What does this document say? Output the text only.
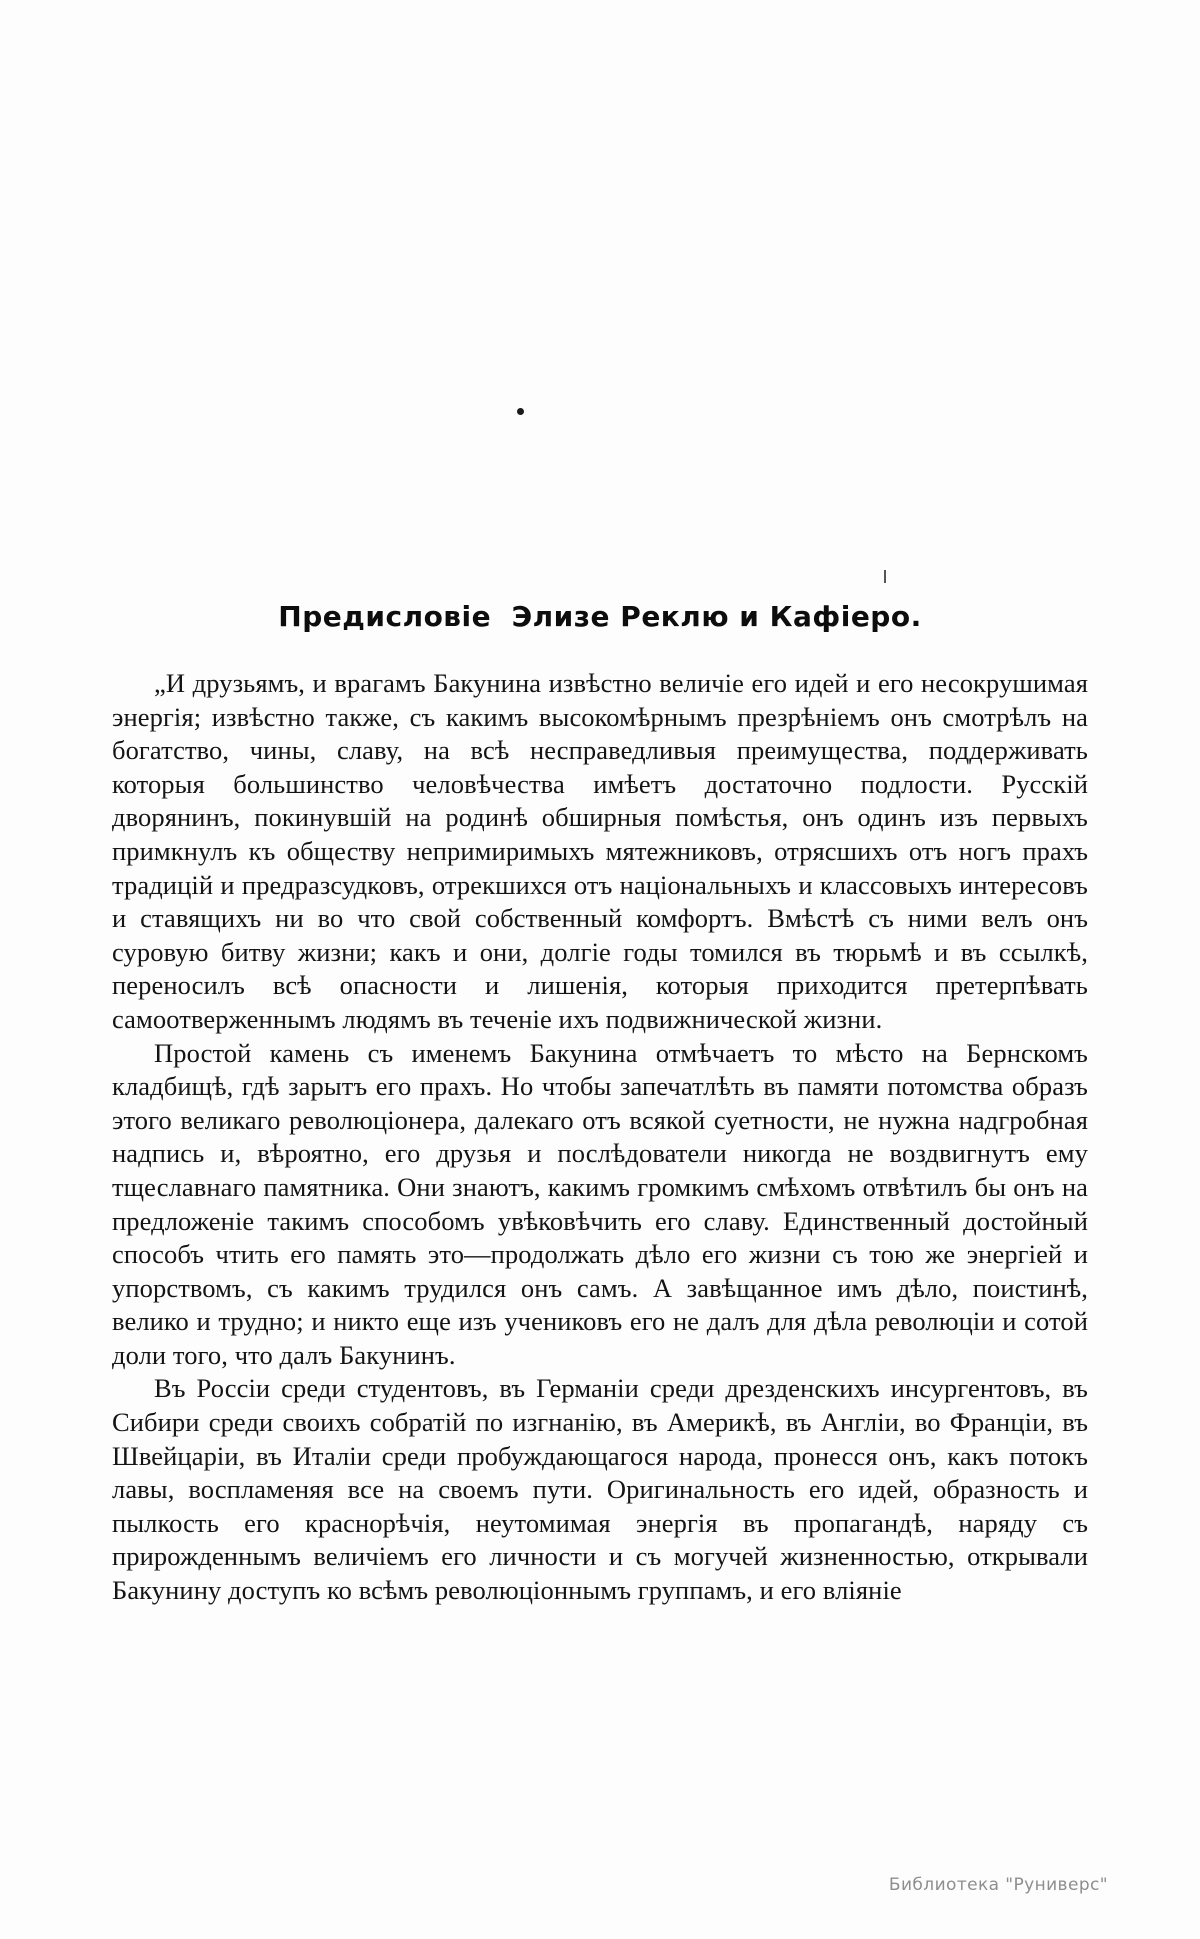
Предисловіе  Элизе Реклю и Кафіеро.

„И друзьямъ, и врагамъ Бакунина извѣстно величіе его идей и его несокрушимая энергія; извѣстно также, съ какимъ высокомѣрнымъ презрѣніемъ онъ смотрѣлъ на богатство, чины, славу, на всѣ несправедливыя преимущества, поддерживать которыя большинство человѣчества имѣетъ достаточно подлости. Русскій дворянинъ, покинувшій на родинѣ обширныя помѣстья, онъ одинъ изъ первыхъ примкнулъ къ обществу непримиримыхъ мятежниковъ, отрясшихъ отъ ногъ прахъ традицій и предразсудковъ, отрекшихся отъ національныхъ и классовыхъ интересовъ и ставящихъ ни во что свой собственный комфортъ. Вмѣстѣ съ ними велъ онъ суровую битву жизни; какъ и они, долгіе годы томился въ тюрьмѣ и въ ссылкѣ, переносилъ всѣ опасности и лишенія, которыя приходится претерпѣвать самоотверженнымъ людямъ въ теченіе ихъ подвижнической жизни.

Простой камень съ именемъ Бакунина отмѣчаетъ то мѣсто на Бернскомъ кладбищѣ, гдѣ зарытъ его прахъ. Но чтобы запечатлѣть въ памяти потомства образъ этого великаго революціонера, далекаго отъ всякой суетности, не нужна надгробная надпись и, вѣроятно, его друзья и послѣдователи никогда не воздвигнутъ ему тщеславнаго памятника. Они знаютъ, какимъ громкимъ смѣхомъ отвѣтилъ бы онъ на предложеніе такимъ способомъ увѣковѣчить его славу. Единственный достойный способъ чтить его память это—продолжать дѣло его жизни съ тою же энергіей и упорствомъ, съ какимъ трудился онъ самъ. А завѣщанное имъ дѣло, поистинѣ, велико и трудно; и никто еще изъ учениковъ его не далъ для дѣла революціи и сотой доли того, что далъ Бакунинъ.

Въ Россіи среди студентовъ, въ Германіи среди дрезденскихъ инсургентовъ, въ Сибири среди своихъ собратій по изгнанію, въ Америкѣ, въ Англіи, во Франціи, въ Швейцаріи, въ Италіи среди пробуждающагося народа, пронесся онъ, какъ потокъ лавы, воспламеняя все на своемъ пути. Оригинальность его идей, образность и пылкость его краснорѣчія, неутомимая энергія въ пропагандѣ, наряду съ прирожденнымъ величіемъ его личности и съ могучей жизненностью, открывали Бакунину доступъ ко всѣмъ революціоннымъ группамъ, и его вліяніе

Библиотека "Руниверс"
